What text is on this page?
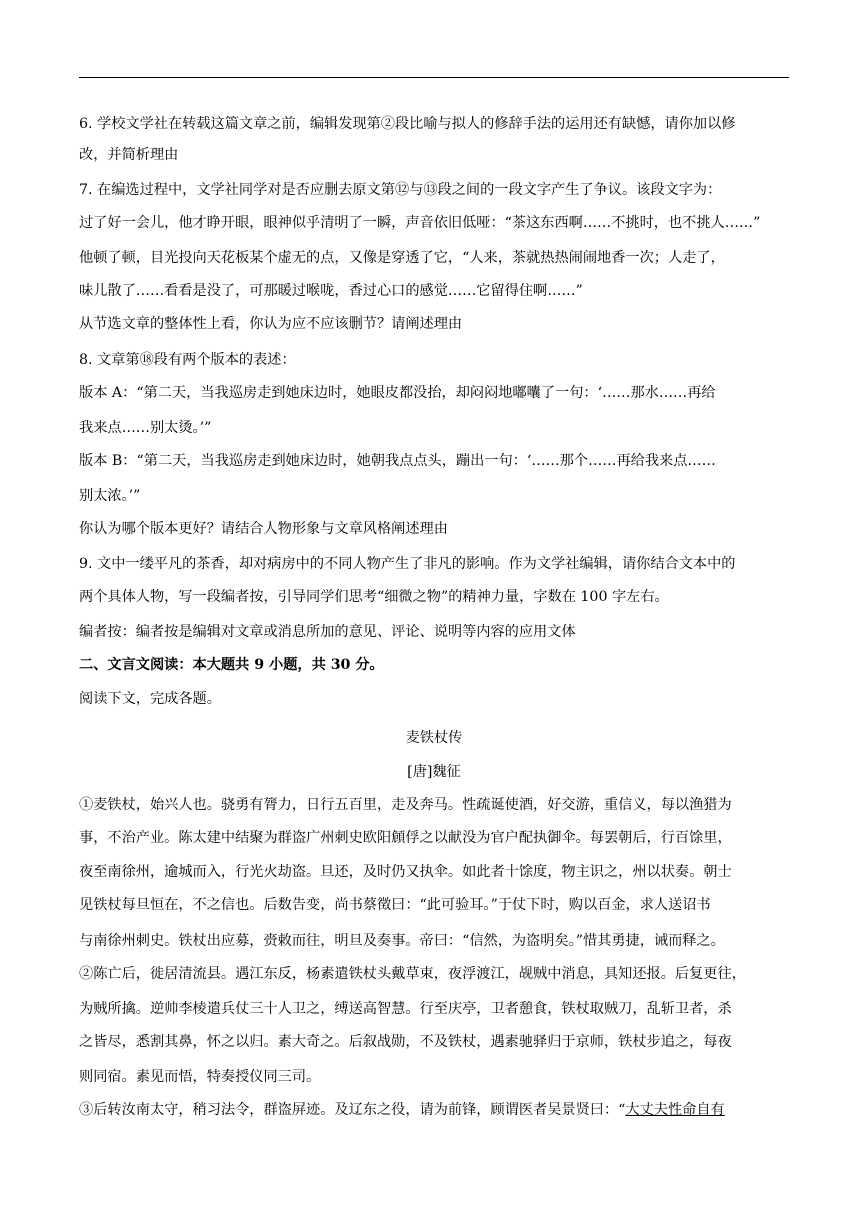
6. 学校文学社在转载这篇文章之前，编辑发现第②段比喻与拟人的修辞手法的运用还有缺憾，请你加以修
改，并简析理由
7. 在编选过程中，文学社同学对是否应删去原文第⑫与⑬段之间的一段文字产生了争议。该段文字为：
过了好一会儿，他才睁开眼，眼神似乎清明了一瞬，声音依旧低哑：“茶这东西啊……不挑时，也不挑人……”
他顿了顿，目光投向天花板某个虚无的点，又像是穿透了它，“人来，茶就热热闹闹地香一次；人走了，
味儿散了……看看是没了，可那暖过喉咙，香过心口的感觉……它留得住啊……”
从节选文章的整体性上看，你认为应不应该删节？请阐述理由
8. 文章第⑱段有两个版本的表述：
版本 A：“第二天，当我巡房走到她床边时，她眼皮都没抬，却闷闷地嘟囔了一句：‘……那水……再给
我来点……别太烫。’”
版本 B：“第二天，当我巡房走到她床边时，她朝我点点头，蹦出一句：‘……那个……再给我来点……
别太浓。’”
你认为哪个版本更好？请结合人物形象与文章风格阐述理由
9. 文中一缕平凡的茶香，却对病房中的不同人物产生了非凡的影响。作为文学社编辑，请你结合文本中的
两个具体人物，写一段编者按，引导同学们思考“细微之物”的精神力量，字数在 100 字左右。
编者按：编者按是编辑对文章或消息所加的意见、评论、说明等内容的应用文体
二、文言文阅读：本大题共 9 小题，共 30 分。
阅读下文，完成各题。
麦铁杖传
[唐]魏征
①麦铁杖，始兴人也。骁勇有膂力，日行五百里，走及奔马。性疏诞使酒，好交游，重信义，每以渔猎为
事，不治产业。陈太建中结聚为群盗广州刺史欧阳頠俘之以献没为官户配执御伞。每罢朝后，行百馀里，
夜至南徐州，逾城而入，行光火劫盗。旦还，及时仍又执伞。如此者十馀度，物主识之，州以状奏。朝士
见铁杖每旦恒在，不之信也。后数告变，尚书蔡徵曰：“此可验耳。”于仗下时，购以百金，求人送诏书
与南徐州刺史。铁杖出应募，赍敕而往，明旦及奏事。帝曰：“信然，为盗明矣。”惜其勇捷，诫而释之。
②陈亡后，徙居清流县。遇江东反，杨素遣铁杖头戴草束，夜浮渡江，觇贼中消息，具知还报。后复更往，
为贼所擒。逆帅李棱遣兵仗三十人卫之，缚送高智慧。行至庆亭，卫者憩食，铁杖取贼刀，乱斩卫者，杀
之皆尽，悉割其鼻，怀之以归。素大奇之。后叙战勋，不及铁杖，遇素驰驿归于京师，铁杖步追之，每夜
则同宿。素见而悟，特奏授仪同三司。
③后转汝南太守，稍习法令，群盗屏迹。及辽东之役，请为前锋，顾谓医者吴景贤曰：“大丈夫性命自有
